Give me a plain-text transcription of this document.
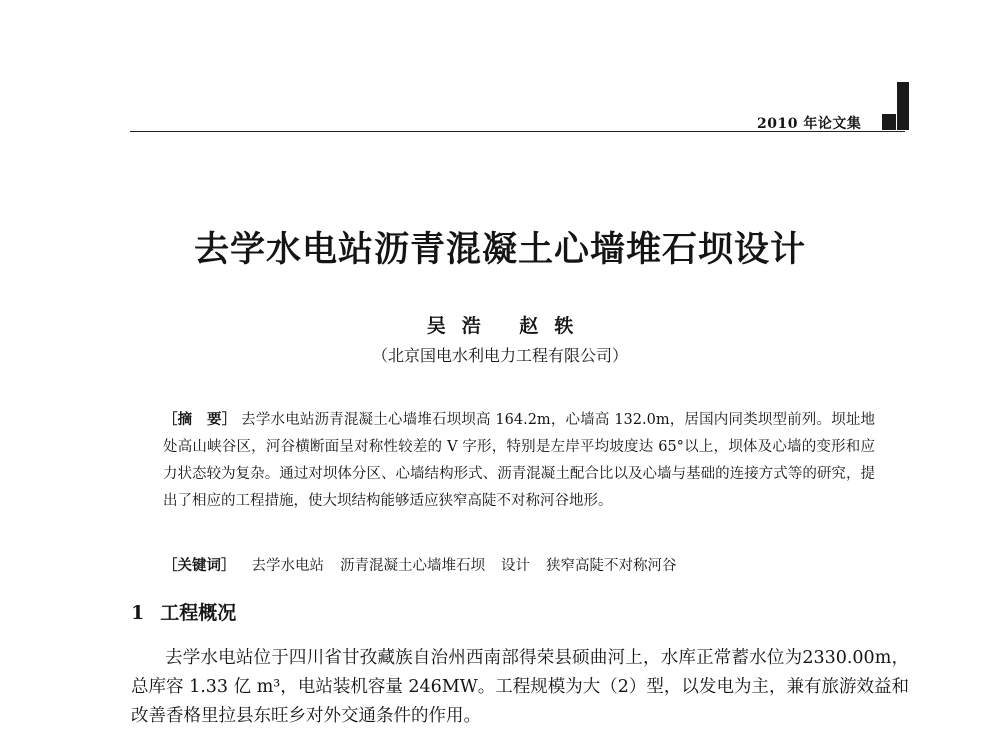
2010 年论文集
去学水电站沥青混凝土心墙堆石坝设计
吴浩 赵轶
（北京国电水利电力工程有限公司）
［摘　要］ 去学水电站沥青混凝土心墙堆石坝坝高 164.2m，心墙高 132.0m，居国内同类坝型前列。坝址地处高山峡谷区，河谷横断面呈对称性较差的 V 字形，特别是左岸平均坡度达 65°以上，坝体及心墙的变形和应力状态较为复杂。通过对坝体分区、心墙结构形式、沥青混凝土配合比以及心墙与基础的连接方式等的研究，提出了相应的工程措施，使大坝结构能够适应狭窄高陡不对称河谷地形。
［关键词］ 去学水电站 沥青混凝土心墙堆石坝 设计 狭窄高陡不对称河谷
1 工程概况
去学水电站位于四川省甘孜藏族自治州西南部得荣县硕曲河上，水库正常蓄水位为2330.00m，总库容 1.33 亿 m³，电站装机容量 246MW。工程规模为大（2）型，以发电为主，兼有旅游效益和改善香格里拉县东旺乡对外交通条件的作用。
